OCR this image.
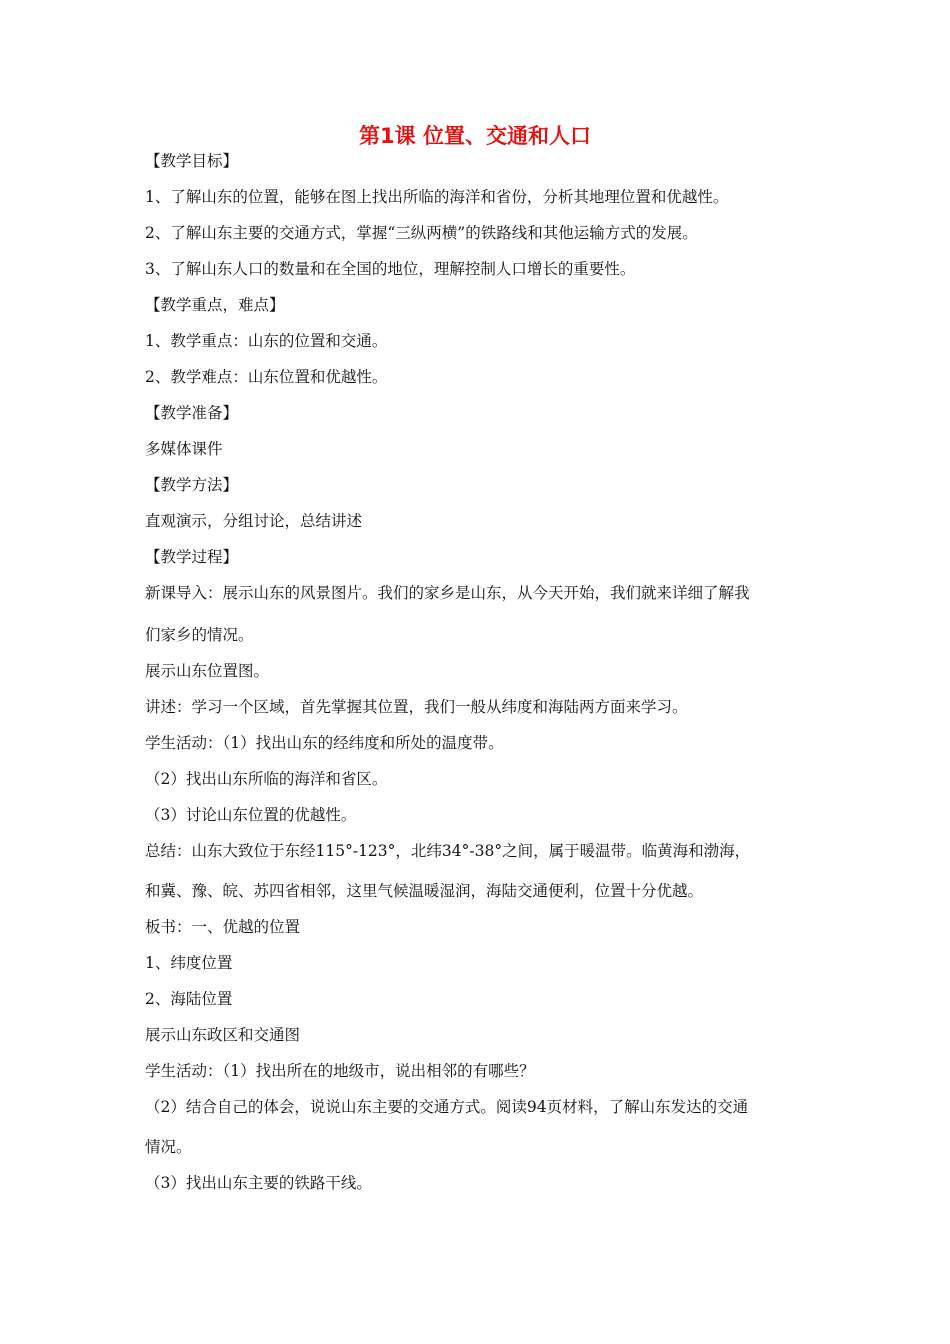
第1课 位置、交通和人口
【教学目标】
1、了解山东的位置，能够在图上找出所临的海洋和省份，分析其地理位置和优越性。
2、了解山东主要的交通方式，掌握“三纵两横”的铁路线和其他运输方式的发展。
3、了解山东人口的数量和在全国的地位，理解控制人口增长的重要性。
【教学重点，难点】
1、教学重点：山东的位置和交通。
2、教学难点：山东位置和优越性。
【教学准备】
多媒体课件
【教学方法】
直观演示，分组讨论，总结讲述
【教学过程】
新课导入：展示山东的风景图片。我们的家乡是山东，从今天开始，我们就来详细了解我
们家乡的情况。
展示山东位置图。
讲述：学习一个区域，首先掌握其位置，我们一般从纬度和海陆两方面来学习。
学生活动：（1）找出山东的经纬度和所处的温度带。
（2）找出山东所临的海洋和省区。
（3）讨论山东位置的优越性。
总结：山东大致位于东经115°-123°，北纬34°-38°之间，属于暖温带。临黄海和渤海，
和冀、豫、皖、苏四省相邻，这里气候温暖湿润，海陆交通便利，位置十分优越。
板书：一、优越的位置
1、纬度位置
2、海陆位置
展示山东政区和交通图
学生活动：（1）找出所在的地级市，说出相邻的有哪些？
（2）结合自己的体会，说说山东主要的交通方式。阅读94页材料，了解山东发达的交通
情况。
（3）找出山东主要的铁路干线。
